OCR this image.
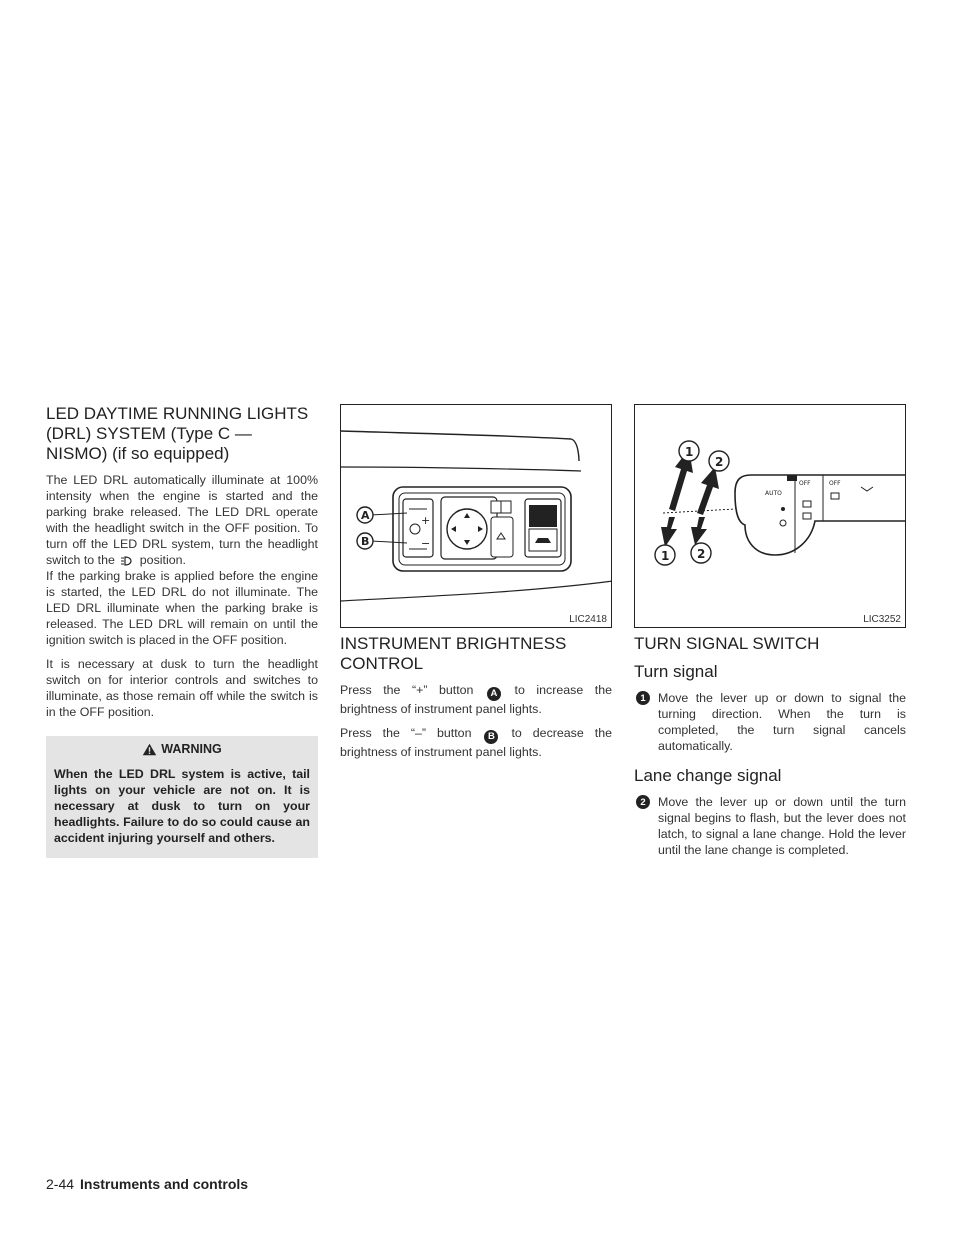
LED DAYTIME RUNNING LIGHTS (DRL) SYSTEM (Type C — NISMO) (if so equipped)

The LED DRL automatically illuminate at 100% intensity when the engine is started and the parking brake released. The LED DRL operate with the headlight switch in the OFF position. To turn off the LED DRL system, turn the headlight switch to the position.

If the parking brake is applied before the engine is started, the LED DRL do not illuminate. The LED DRL illuminate when the parking brake is released. The LED DRL will remain on until the ignition switch is placed in the OFF position.

It is necessary at dusk to turn the headlight switch on for interior controls and switches to illuminate, as those remain off while the switch is in the OFF position.

WARNING
When the LED DRL system is active, tail lights on your vehicle are not on. It is necessary at dusk to turn on your headlights. Failure to do so could cause an accident injuring yourself and others.
+
−
A
B
LIC2418
INSTRUMENT BRIGHTNESS CONTROL

Press the “+” button A to increase the brightness of instrument panel lights.

Press the “–” button B to decrease the brightness of instrument panel lights.

1
2
1 2
OFF	OFF
AUTO
LIC3252
TURN SIGNAL SWITCH
Turn signal
1 Move the lever up or down to signal the turning direction. When the turn is completed, the turn signal cancels automatically.

Lane change signal
2 Move the lever up or down until the turn signal begins to flash, but the lever does not latch, to signal a lane change. Hold the lever until the lane change is completed.

2-44 Instruments and controls
